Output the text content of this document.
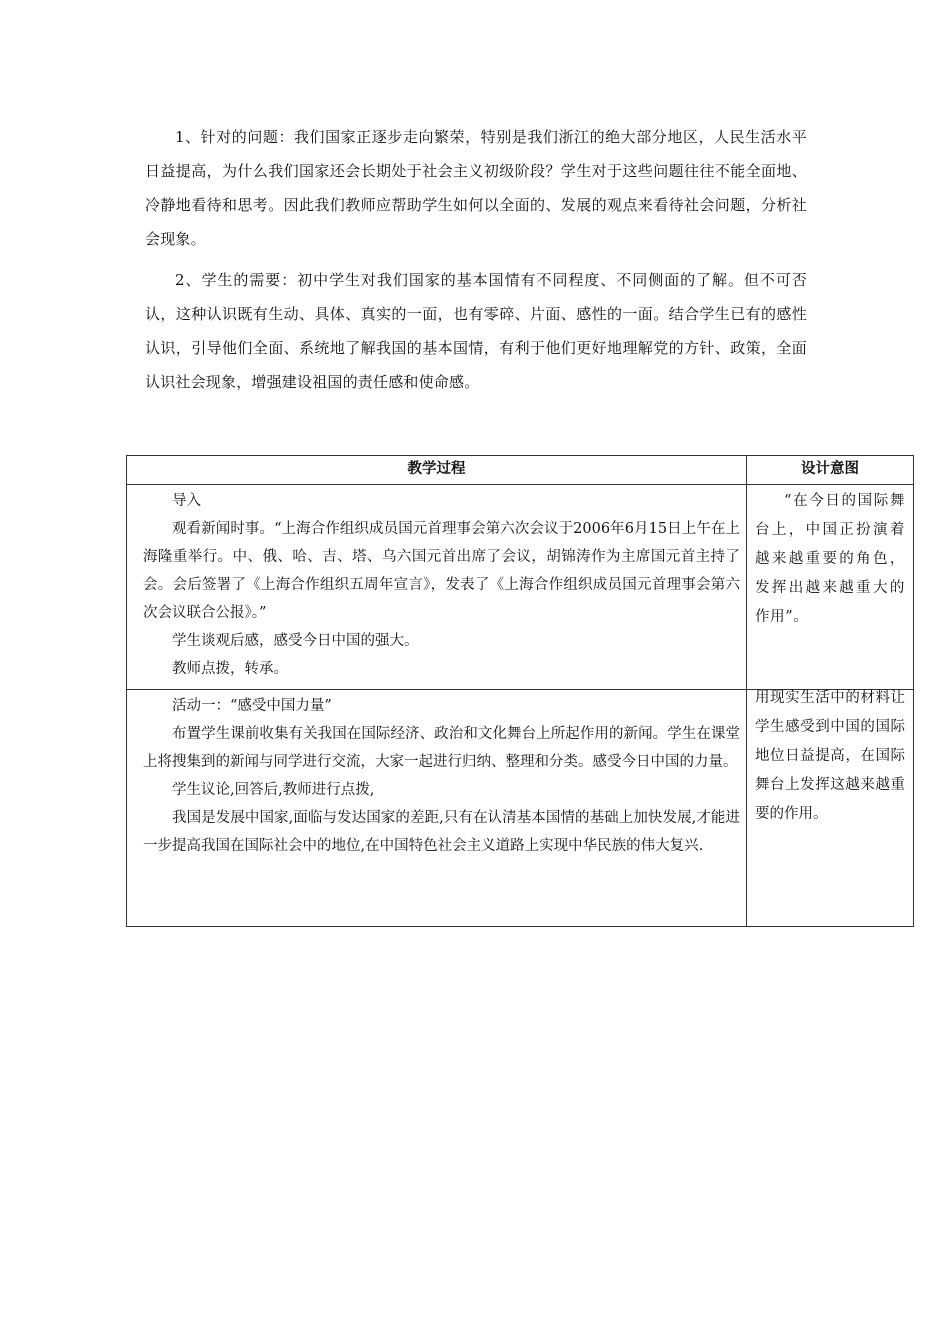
1、针对的问题：我们国家正逐步走向繁荣，特别是我们浙江的绝大部分地区，人民生活水平日益提高，为什么我们国家还会长期处于社会主义初级阶段？学生对于这些问题往往不能全面地、冷静地看待和思考。因此我们教师应帮助学生如何以全面的、发展的观点来看待社会问题，分析社会现象。

2、学生的需要：初中学生对我们国家的基本国情有不同程度、不同侧面的了解。但不可否认，这种认识既有生动、具体、真实的一面，也有零碎、片面、感性的一面。结合学生已有的感性认识，引导他们全面、系统地了解我国的基本国情，有利于他们更好地理解党的方针、政策，全面认识社会现象，增强建设祖国的责任感和使命感。

教学过程	设计意图

导入

观看新闻时事。“上海合作组织成员国元首理事会第六次会议于2006年6月15日上午在上海隆重举行。中、俄、哈、吉、塔、乌六国元首出席了会议，胡锦涛作为主席国元首主持了会。会后签署了《上海合作组织五周年宣言》，发表了《上海合作组织成员国元首理事会第六次会议联合公报》。”

学生谈观后感，感受今日中国的强大。

教师点拨，转承。	“在今日的国际舞台上，中国正扮演着越来越重要的角色，发挥出越来越重大的作用”。

活动一：“感受中国力量”

布置学生课前收集有关我国在国际经济、政治和文化舞台上所起作用的新闻。学生在课堂上将搜集到的新闻与同学进行交流，大家一起进行归纳、整理和分类。感受今日中国的力量。

学生议论,回答后,教师进行点拨,

我国是发展中国家,面临与发达国家的差距,只有在认清基本国情的基础上加快发展,才能进一步提高我国在国际社会中的地位,在中国特色社会主义道路上实现中华民族的伟大复兴.	用现实生活中的材料让学生感受到中国的国际地位日益提高，在国际舞台上发挥这越来越重要的作用。
